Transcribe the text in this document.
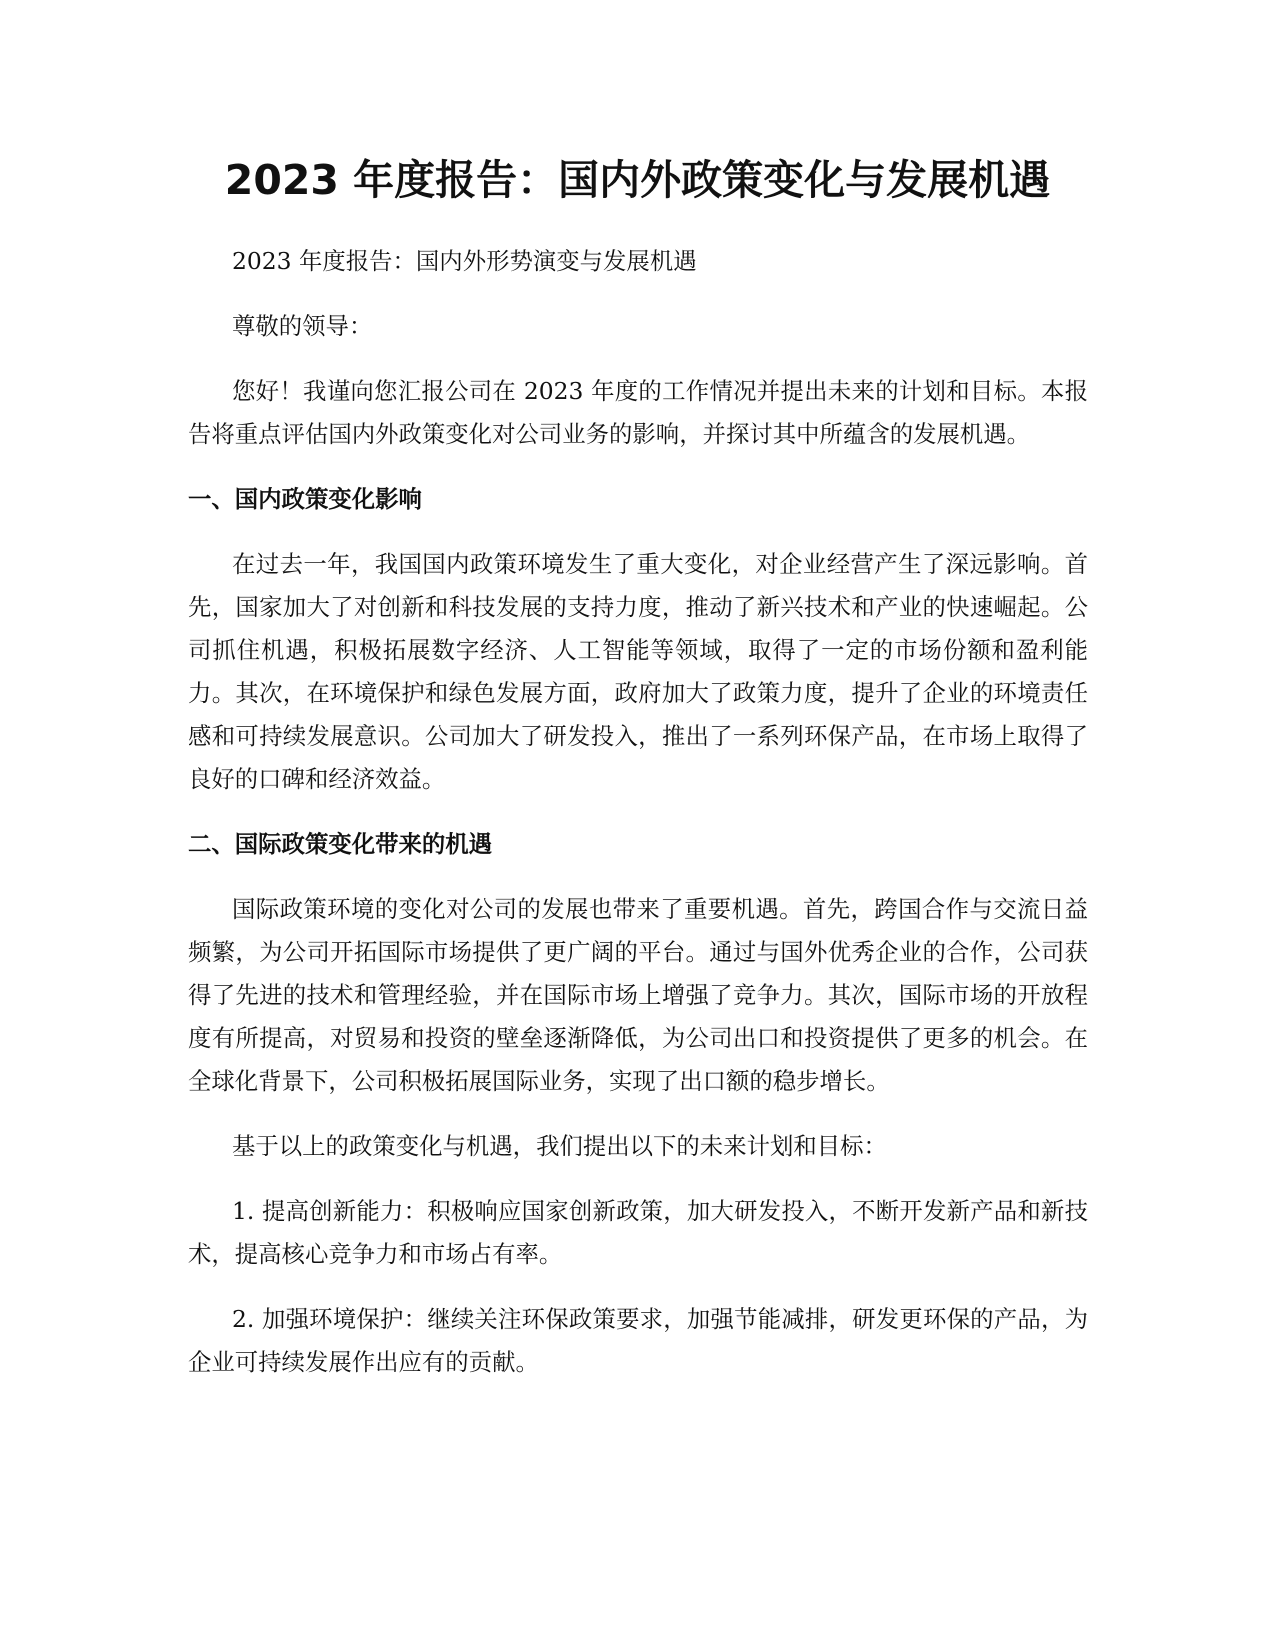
2023 年度报告：国内外政策变化与发展机遇

2023 年度报告：国内外形势演变与发展机遇

尊敬的领导：

您好！我谨向您汇报公司在 2023 年度的工作情况并提出未来的计划和目标。本报告将重点评估国内外政策变化对公司业务的影响，并探讨其中所蕴含的发展机遇。

一、国内政策变化影响

在过去一年，我国国内政策环境发生了重大变化，对企业经营产生了深远影响。首先，国家加大了对创新和科技发展的支持力度，推动了新兴技术和产业的快速崛起。公司抓住机遇，积极拓展数字经济、人工智能等领域，取得了一定的市场份额和盈利能力。其次，在环境保护和绿色发展方面，政府加大了政策力度，提升了企业的环境责任感和可持续发展意识。公司加大了研发投入，推出了一系列环保产品，在市场上取得了良好的口碑和经济效益。

二、国际政策变化带来的机遇

国际政策环境的变化对公司的发展也带来了重要机遇。首先，跨国合作与交流日益频繁，为公司开拓国际市场提供了更广阔的平台。通过与国外优秀企业的合作，公司获得了先进的技术和管理经验，并在国际市场上增强了竞争力。其次，国际市场的开放程度有所提高，对贸易和投资的壁垒逐渐降低，为公司出口和投资提供了更多的机会。在全球化背景下，公司积极拓展国际业务，实现了出口额的稳步增长。

基于以上的政策变化与机遇，我们提出以下的未来计划和目标：

1. 提高创新能力：积极响应国家创新政策，加大研发投入，不断开发新产品和新技术，提高核心竞争力和市场占有率。

2. 加强环境保护：继续关注环保政策要求，加强节能减排，研发更环保的产品，为企业可持续发展作出应有的贡献。
